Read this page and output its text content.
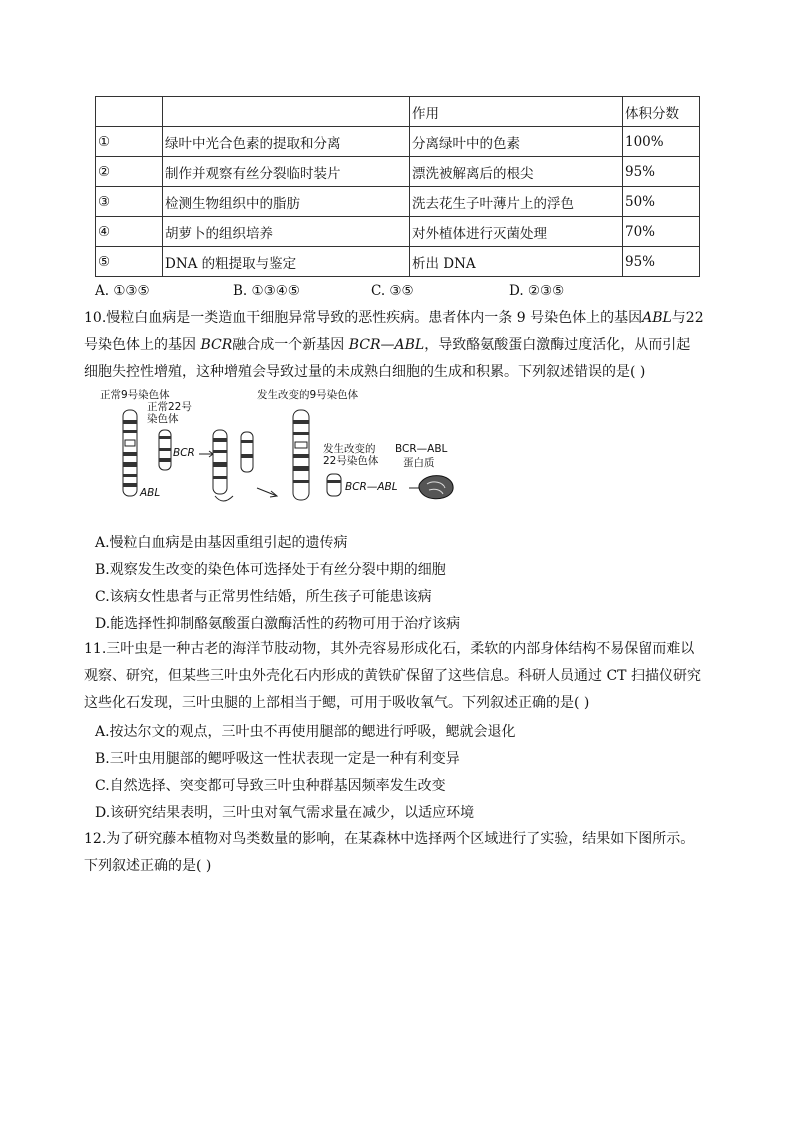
		作用	体积分数
①	绿叶中光合色素的提取和分离	分离绿叶中的色素	100%
②	制作并观察有丝分裂临时装片	漂洗被解离后的根尖	95%
③	检测生物组织中的脂肪	洗去花生子叶薄片上的浮色	50%
④	胡萝卜的组织培养	对外植体进行灭菌处理	70%
⑤	DNA 的粗提取与鉴定	析出 DNA	95%
A. ①③⑤	B. ①③④⑤	C. ③⑤	D. ②③⑤

10.慢粒白血病是一类造血干细胞异常导致的恶性疾病。患者体内一条 9 号染色体上的基因ABL与22 号染色体上的基因 BCR融合成一个新基因 BCR—ABL，导致酪氨酸蛋白激酶过度活化，从而引起细胞失控性增殖，这种增殖会导致过量的未成熟白细胞的生成和积累。下列叙述错误的是( )

正常9号染色体
正常22号
染色体
发生改变的9号染色体
发生改变的
22号染色体
BCR—ABL
蛋白质
ABL
BCR
BCR—ABL
A.慢粒白血病是由基因重组引起的遗传病
B.观察发生改变的染色体可选择处于有丝分裂中期的细胞
C.该病女性患者与正常男性结婚，所生孩子可能患该病
D.能选择性抑制酪氨酸蛋白激酶活性的药物可用于治疗该病

11.三叶虫是一种古老的海洋节肢动物，其外壳容易形成化石，柔软的内部身体结构不易保留而难以观察、研究，但某些三叶虫外壳化石内形成的黄铁矿保留了这些信息。科研人员通过 CT 扫描仪研究这些化石发现，三叶虫腿的上部相当于鳃，可用于吸收氧气。下列叙述正确的是( )

A.按达尔文的观点，三叶虫不再使用腿部的鳃进行呼吸，鳃就会退化
B.三叶虫用腿部的鳃呼吸这一性状表现一定是一种有利变异
C.自然选择、突变都可导致三叶虫种群基因频率发生改变
D.该研究结果表明，三叶虫对氧气需求量在减少，以适应环境

12.为了研究藤本植物对鸟类数量的影响，在某森林中选择两个区域进行了实验，结果如下图所示。下列叙述正确的是( )
